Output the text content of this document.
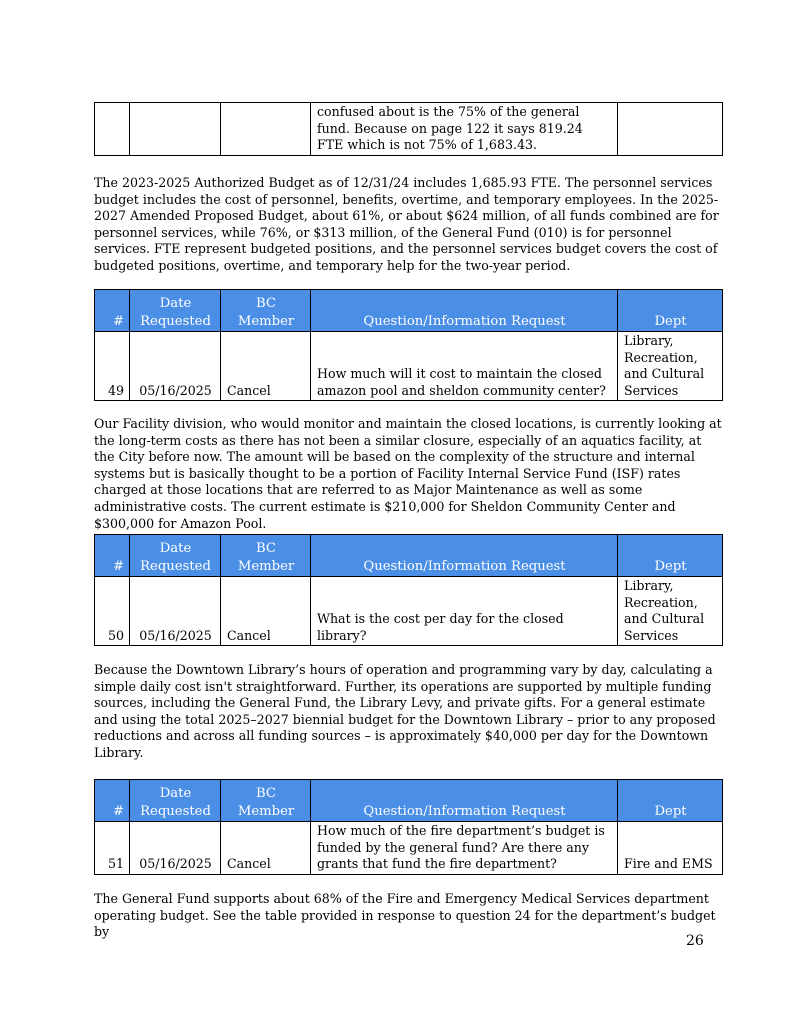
			confused about is the 75% of the general fund. Because on page 122 it says 819.24 FTE which is not 75% of 1,683.43.	

The 2023-2025 Authorized Budget as of 12/31/24 includes 1,685.93 FTE. The personnel services budget includes the cost of personnel, benefits, overtime, and temporary employees. In the 2025-2027 Amended Proposed Budget, about 61%, or about $624 million, of all funds combined are for personnel services, while 76%, or $313 million, of the General Fund (010) is for personnel services. FTE represent budgeted positions, and the personnel services budget covers the cost of budgeted positions, overtime, and temporary help for the two-year period.

#	Date Requested	BC Member	Question/Information Request	Dept
49	05/16/2025	Cancel	How much will it cost to maintain the closed amazon pool and sheldon community center?	Library, Recreation, and Cultural Services

Our Facility division, who would monitor and maintain the closed locations, is currently looking at the long-term costs as there has not been a similar closure, especially of an aquatics facility, at the City before now. The amount will be based on the complexity of the structure and internal systems but is basically thought to be a portion of Facility Internal Service Fund (ISF) rates charged at those locations that are referred to as Major Maintenance as well as some administrative costs. The current estimate is $210,000 for Sheldon Community Center and $300,000 for Amazon Pool.

#	Date Requested	BC Member	Question/Information Request	Dept
50	05/16/2025	Cancel	What is the cost per day for the closed library?	Library, Recreation, and Cultural Services

Because the Downtown Library’s hours of operation and programming vary by day, calculating a simple daily cost isn't straightforward. Further, its operations are supported by multiple funding sources, including the General Fund, the Library Levy, and private gifts. For a general estimate and using the total 2025–2027 biennial budget for the Downtown Library – prior to any proposed reductions and across all funding sources – is approximately $40,000 per day for the Downtown Library.

#	Date Requested	BC Member	Question/Information Request	Dept
51	05/16/2025	Cancel	How much of the fire department’s budget is funded by the general fund? Are there any grants that fund the fire department?	Fire and EMS

The General Fund supports about 68% of the Fire and Emergency Medical Services department operating budget. See the table provided in response to question 24 for the department’s budget by

26
